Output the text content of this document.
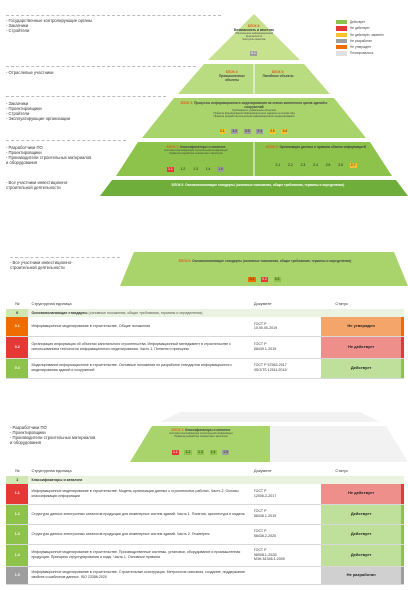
- Государственные контролирующие органы
- Заказчики
- Стройтели
- Отраслевые участники
- Заказчики
- Проектировщики
- Стройтели
- Эксплуатирующие организации
- Разработчики ПО
- Проектировщики
- Производители строительных материалов
и оборудования
- Все участники инвестиционно-
строительной деятельности
БЛОК 6:
Безопасность и качество
Обеспечение информационной
безопасности
Контроль качества
6.1
БЛОК 4:
Промышленные объекты
БЛОК 5:
Линейные объекты
БЛОК 3: Процессы информационного моделирования на этапах жизненного цикла зданий и сооружений
Требования к управлению объектом
Правила формирования Информационного задания на основе ЖЦ
Правила разработки концепции информационного моделирования
3.1 3.2 3.3 3.4 3.5 3.6
БЛОК 1: Классификаторы и каталоги
Система классификации строительной информации
Правила разработки элементов и каталогов
1.1 1.2 1.3 1.4 1.5
БЛОК 2: Организация данных и правила обмена информацией
2.1 2.2 2.3 2.4 2.5 2.6 2.7
БЛОК 0: Основополагающие стандарты (основные положения, общие требования, термины и определения)
Действует
Не действует
Не действует, заменён
Не разработан
Не утверждён
Планировалось
- Все участники инвестиционно-
строительной деятельности
БЛОК 0: Основополагающие стандарты (основные положения, общие требования, термины и определения)
0.1 0.2 0.3
№	Структурная единица	Документ	Статус	
0	Основополагающие стандарты (основные положения, общие требования, термины и определения)			
0.1	Информационное моделирование в строительстве. Общие положения	ГОСТ Р
10.00.00-2019	Не утвержден	
0.2	Организация информации об объектах капитального строительства. Информационный менеджмент в строительстве с использованием технологии информационного моделирования. Часть 1. Понятия и принципы	ГОСТ Р
58439.1-2019	Не действует	
0.3	Моделирование информационное в строительстве. Основные положения по разработке стандартов информационного моделирования зданий и сооружений	ГОСТ Р 57563-2017
/ISO/TS 12911:2012/	Действует	
- Разработчики ПО
- Проектировщики
- Производители строительных материалов
и оборудования
БЛОК 1: Классификаторы и каталоги
Система классификации строительной информации
Правила разработки элементов и каталогов
1.1 1.2 1.3 1.4 1.5
№	Структурная единица	Документ	Статус	
1	Классификаторы и каталоги			
1.1	Информационное моделирование в строительстве. Модель организации данных о строительных работах. Часть 2. Основы классификации информации	ГОСТ Р
12006-2-2017	Не действует	
1.2	Структуры данных электронных каталогов продукции для инженерных систем зданий. Часть 1. Понятия, архитектура и модель	ГОСТ Р
58438.1-2019	Действует	
1.3	Структуры данных электронных каталогов продукции для инженерных систем зданий. Часть 2. Геометрия	ГОСТ Р
58438.2-2020	Действует	
1.4	Информационное моделирование в строительстве. Производственные системы, установки, оборудование и промышленная продукция. Принципы структурирования и коды. Часть 1. Основные правила	ГОСТ Р
58908.1-2020/
МЭК 81346-1:2009	Действует	
1.5	Информационное моделирование в строительстве. Строительные конструкции. Метрология описания, создание, поддержание свойств и шаблонов данных. ISO 23386:2020		Не разработан	
